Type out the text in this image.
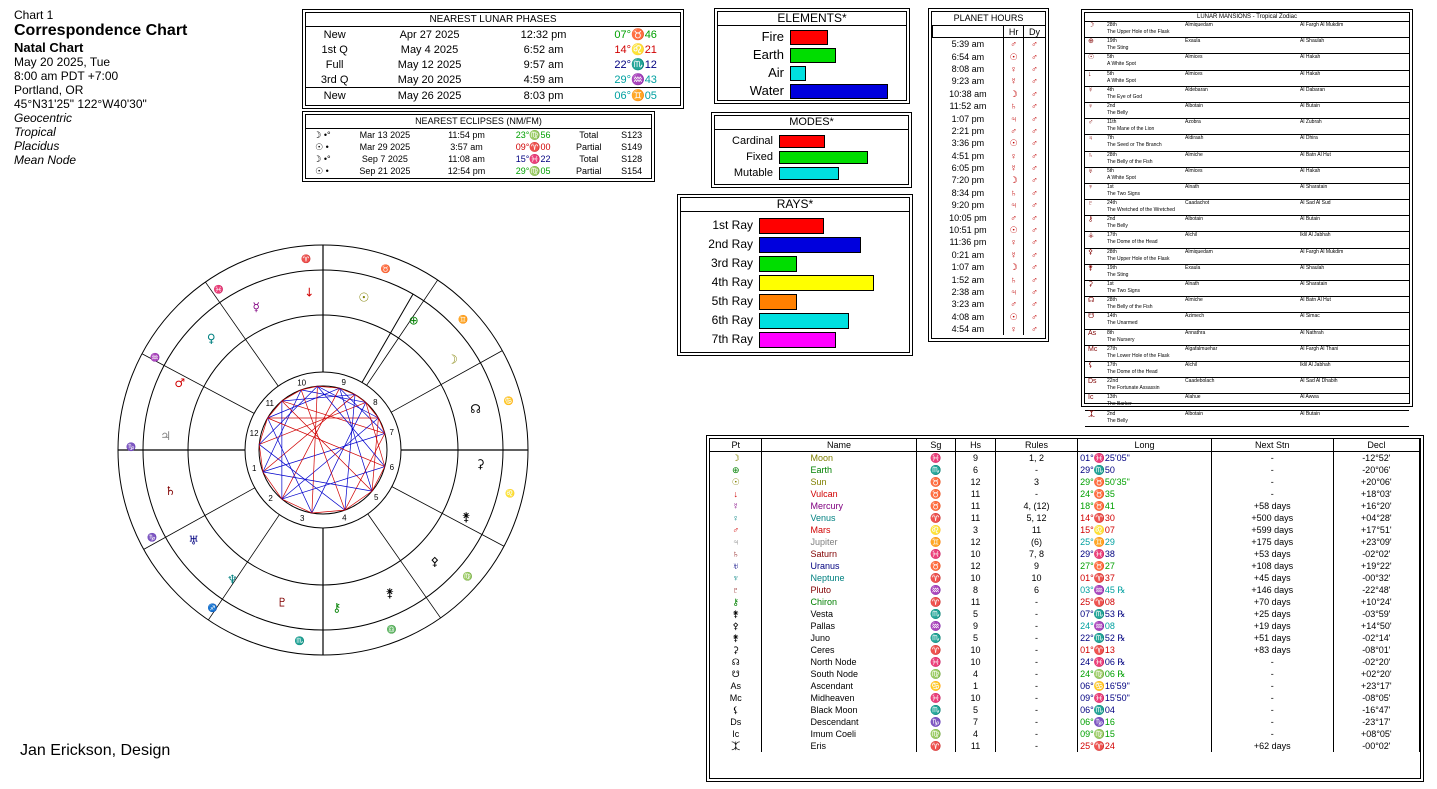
Chart 1
Correspondence Chart
Natal Chart
May 20 2025, Tue
8:00 am PDT +7:00
Portland, OR
45°N31'25" 122°W40'30"
Geocentric
Tropical
Placidus
Mean Node
Jan Erickson, Design
NEAREST LUNAR PHASES
New	Apr 27 2025	12:32 pm	07°♉46
1st Q	May 4 2025	6:52 am	14°♌21
Full	May 12 2025	9:57 am	22°♏12
3rd Q	May 20 2025	4:59 am	29°♒43
New	May 26 2025	8:03 pm	06°♊05
NEAREST ECLIPSES (NM/FM)
☽ •°	Mar 13 2025	11:54 pm	23°♍56	Total	S123
☉ •	Mar 29 2025	3:57 am	09°♈00	Partial	S149
☽ •°	Sep 7 2025	11:08 am	15°♓22	Total	S128
☉ •	Sep 21 2025	12:54 pm	29°♍05	Partial	S154
ELEMENTS*
Fire
Earth
Air
Water
MODES*
Cardinal
Fixed
Mutable
RAYS*
1st Ray
2nd Ray
3rd Ray
4th Ray
5th Ray
6th Ray
7th Ray
PLANET HOURS
	Hr	Dy
5:39 am	♂	♂
6:54 am	☉	♂
8:08 am	♀	♂
9:23 am	☿	♂
10:38 am	☽	♂
11:52 am	♄	♂
1:07 pm	♃	♂
2:21 pm	♂	♂
3:36 pm	☉	♂
4:51 pm	♀	♂
6:05 pm	☿	♂
7:20 pm	☽	♂
8:34 pm	♄	♂
9:20 pm	♃	♂
10:05 pm	♂	♂
10:51 pm	☉	♂
11:36 pm	♀	♂
0:21 am	☿	♂
1:07 am	☽	♂
1:52 am	♄	♂
2:38 am	♃	♂
3:23 am	♂	♂
4:08 am	☉	♂
4:54 am	♀	♂
LUNAR MANSIONS - Tropical Zodiac
☽	28th	Almiquedam	Al Fargh Al Mukdim
The Upper Hole of the Flask
⊕	19th	Exaula	Al Shaulah
The Sting
☉	5th	Almices	Al Hakah
A White Spot
↓	5th	Almices	Al Hakah
A White Spot
☿	4th	Aldebaran	Al Dabaran
The Eye of God
♀	2nd	Albotain	Al Butain
The Belly
♂	11th	Azobra	Al Zubrah
The Mane of the Lion
♃	7th	Aldiraah	Al Dhira
The Seed or The Branch
♄	28th	Almiche	Al Batn Al Hut
The Belly of the Fish
♅	5th	Almices	Al Hakah
A White Spot
♆	1st	Alnath	Al Sharatain
The Two Signs
♇	24th	Caadachot	Al Sad Al Sud
The Wretched of the Wretched
⚷	2nd	Albotain	Al Butain
The Belly
⚶	17th	Alchil	Iklil Al Jabhah
The Dome of the Head
⚴	28th	Almiquedam	Al Fargh Al Mukdim
The Upper Hole of the Flask
⚵	19th	Exaula	Al Shaulah
The Sting
⚳	1st	Alnath	Al Sharatain
The Two Signs
☊	28th	Almiche	Al Batn Al Hut
The Belly of the Fish
☋	14th	Azimech	Al Simac
The Unarmed
As 8th	Annathra	Al Nathrah
The Nursery
Mc 27th	Algafalmuehar	Al Fargh Al Thani
The Lower Hole of the Flask
⚸	17th	Alchil	Iklil Al Jabhah
The Dome of the Head
Ds 22nd	Caadebolach	Al Sad Al Dhabih
The Fortunate Assassin
Ic	13th	Alahue	Al Awwa
The Barker
⯰ 2nd	Albotain	Al Butain
The Belly
Pt	Name	Sg	Hs	Rules	Long	Next Stn	Decl
☽	Moon	♓	9	1, 2	01°♓25'05"	-	-12°52'
⊕	Earth	♏	6	-	29°♏50	-	-20°06'
☉	Sun	♉	12	3	29°♉50'35"	-	+20°06'
↓	Vulcan	♉	11	-	24°♉35	-	+18°03'
☿	Mercury	♉	11	4, (12)	18°♉41	+58 days	+16°20'
♀	Venus	♈	11	5, 12	14°♈30	+500 days	+04°28'
♂	Mars	♌	3	11	15°♌07	+599 days	+17°51'
♃	Jupiter	♊	12	(6)	25°♊29	+175 days	+23°09'
♄	Saturn	♓	10	7, 8	29°♓38	+53 days	-02°02'
♅	Uranus	♉	12	9	27°♉27	+108 days	+19°22'
♆	Neptune	♈	10	10	01°♈37	+45 days	-00°32'
♇	Pluto	♒	8	6	03°♒45 ℞	+146 days	-22°48'
⚷	Chiron	♈	11	-	25°♈08	+70 days	+10°24'
⚵	Vesta	♏	5	-	07°♏53 ℞	+25 days	-03°59'
⚴	Pallas	♒	9	-	24°♒08	+19 days	+14°50'
⚵	Juno	♏	5	-	22°♏52 ℞	+51 days	-02°14'
⚳	Ceres	♈	10	-	01°♈13	+83 days	-08°01'
☊	North Node	♓	10	-	24°♓06 ℞	-	-02°20'
☋	South Node	♍	4	-	24°♍06 ℞	-	+02°20'
As	Ascendant	♋	1	-	06°♋16'59"	-	+23°17'
Mc	Midheaven	♓	10	-	09°♓15'50"	-	-08°05'
⚸	Black Moon	♏	5	-	06°♏04	-	-16°47'
Ds	Descendant	♑	7	-	06°♑16	-	-23°17'
Ic	Imum Coeli	♍	4	-	09°♍15	-	+08°05'
⯰	Eris	♈	11	-	25°♈24	+62 days	-00°02'
1
2
3	4
5
6
7
8
9
10
11
12
♈
♓
♒
♑
♑
♐
♏
♎
♍
♌
♋
♊
♉
☽
⊕
☉
↓
☿
♀
♂
♃
♄
♅
♆
♇	⚷
⚵
⚴
⚵
⚳
☊
